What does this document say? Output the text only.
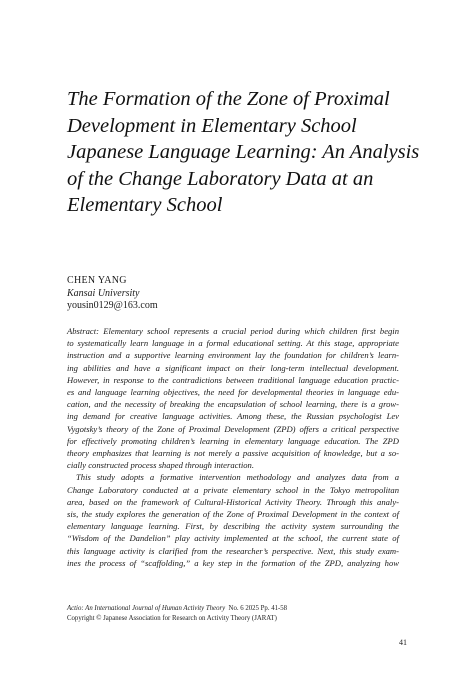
The Formation of the Zone of Proximal
Development in Elementary School
Japanese Language Learning: An Analysis
of the Change Laboratory Data at an
Elementary School
CHEN YANG
Kansai University
yousin0129@163.com
Abstract: Elementary school represents a crucial period during which children first begin
to systematically learn language in a formal educational setting. At this stage, appropriate
instruction and a supportive learning environment lay the foundation for children’s learn-
ing abilities and have a significant impact on their long-term intellectual development.
However, in response to the contradictions between traditional language education practic-
es and language learning objectives, the need for developmental theories in language edu-
cation, and the necessity of breaking the encapsulation of school learning, there is a grow-
ing demand for creative language activities. Among these, the Russian psychologist Lev
Vygotsky’s theory of the Zone of Proximal Development (ZPD) offers a critical perspective
for effectively promoting children’s learning in elementary language education. The ZPD
theory emphasizes that learning is not merely a passive acquisition of knowledge, but a so-
cially constructed process shaped through interaction.
This study adopts a formative intervention methodology and analyzes data from a
Change Laboratory conducted at a private elementary school in the Tokyo metropolitan
area, based on the framework of Cultural-Historical Activity Theory. Through this analy-
sis, the study explores the generation of the Zone of Proximal Development in the context of
elementary language learning. First, by describing the activity system surrounding the
“Wisdom of the Dandelion” play activity implemented at the school, the current state of
this language activity is clarified from the researcher’s perspective. Next, this study exam-
ines the process of “scaffolding,” a key step in the formation of the ZPD, analyzing how
Actio: An International Journal of Human Activity Theory No. 6 2025 Pp. 41-58
Copyright © Japanese Association for Research on Activity Theory (JARAT)
41
